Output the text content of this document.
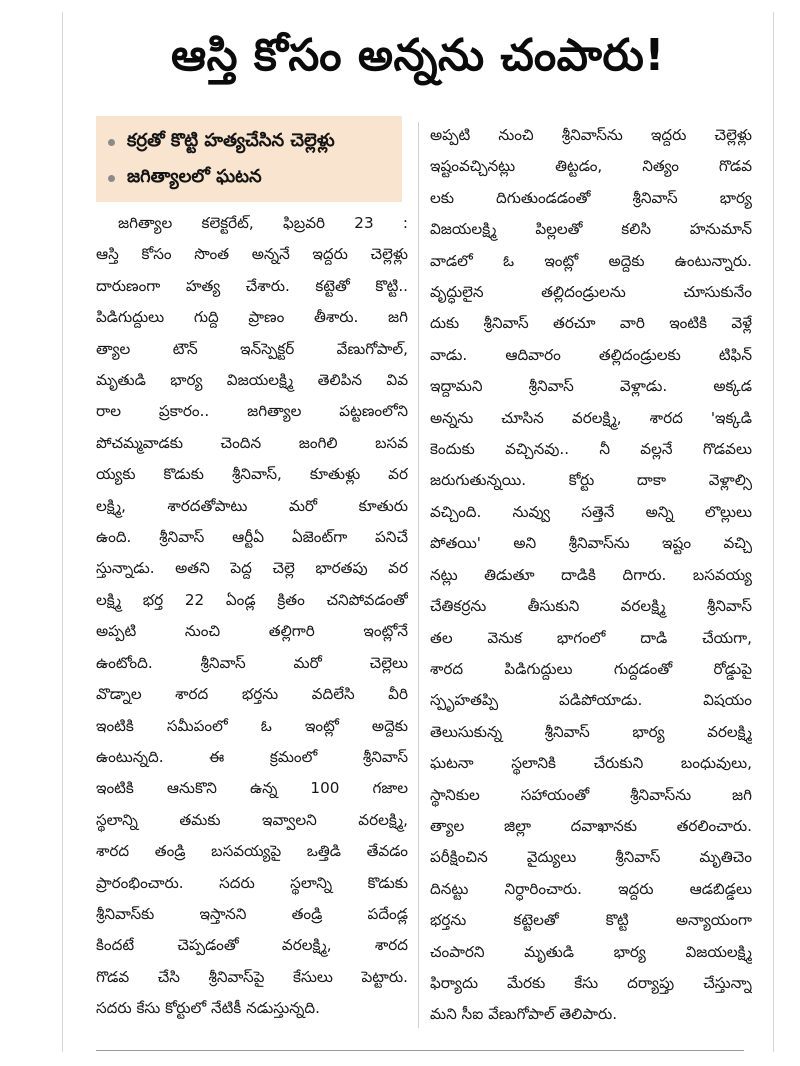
ఆస్తి కోసం అన్నను చంపారు!
కర్రతో కొట్టి హత్యచేసిన చెల్లెళ్లు
జగిత్యాలలో ఘటన
జగిత్యాల కలెక్టరేట్, ఫిబ్రవరి 23 :
ఆస్తి కోసం సొంత అన్ననే ఇద్దరు చెల్లెళ్లు
దారుణంగా హత్య చేశారు. కట్టెతో కొట్టి..
పిడిగుద్దులు గుద్ది ప్రాణం తీశారు. జగి
త్యాల టౌన్ ఇన్‌స్పెక్టర్ వేణుగోపాల్,
మృతుడి భార్య విజయలక్ష్మి తెలిపిన వివ
రాల ప్రకారం.. జగిత్యాల పట్టణంలోని
పోచమ్మవాడకు చెందిన జంగిలి బసవ
య్యకు కొడుకు శ్రీనివాస్, కూతుళ్లు వర
లక్ష్మి, శారదతోపాటు మరో కూతురు
ఉంది. శ్రీనివాస్ ఆర్టీఏ ఏజెంట్‌గా పనిచే
స్తున్నాడు. అతని పెద్ద చెల్లె భారతపు వర
లక్ష్మి భర్త 22 ఏండ్ల క్రితం చనిపోవడంతో
అప్పటి నుంచి తల్లిగారి ఇంట్లోనే
ఉంటోంది. శ్రీనివాస్ మరో చెల్లెలు
వొడ్నాల శారద భర్తను వదిలేసి వీరి
ఇంటికి సమీపంలో ఓ ఇంట్లో అద్దెకు
ఉంటున్నది. ఈ క్రమంలో శ్రీనివాస్
ఇంటికి ఆనుకొని ఉన్న 100 గజాల
స్థలాన్ని తమకు ఇవ్వాలని వరలక్ష్మి,
శారద తండ్రి బసవయ్యపై ఒత్తిడి తేవడం
ప్రారంభించారు. సదరు స్థలాన్ని కొడుకు
శ్రీనివాస్‌కు ఇస్తానని తండ్రి పదేండ్ల
కిందటే చెప్పడంతో వరలక్ష్మి, శారద
గొడవ చేసి శ్రీనివాస్‌పై కేసులు పెట్టారు.
సదరు కేసు కోర్టులో నేటికీ నడుస్తున్నది.
అప్పటి నుంచి శ్రీనివాస్‌ను ఇద్దరు చెల్లెళ్లు
ఇష్టంవచ్చినట్లు తిట్టడం, నిత్యం గొడవ
లకు దిగుతుండడంతో శ్రీనివాస్ భార్య
విజయలక్ష్మి పిల్లలతో కలిసి హనుమాన్
వాడలో ఓ ఇంట్లో అద్దెకు ఉంటున్నారు.
వృద్ధులైన తల్లిదండ్రులను చూసుకునేం
దుకు శ్రీనివాస్ తరచూ వారి ఇంటికి వెళ్లే
వాడు. ఆదివారం తల్లిదండ్రులకు టిఫిన్
ఇద్దామని శ్రీనివాస్ వెళ్లాడు. అక్కడ
అన్నను చూసిన వరలక్ష్మి, శారద 'ఇక్కడి
కెందుకు వచ్చినవు.. నీ వల్లనే గొడవలు
జరుగుతున్నయి. కోర్టు దాకా వెళ్లాల్సి
వచ్చింది. నువ్వు సత్తెనే అన్ని లొల్లులు
పోతయి' అని శ్రీనివాస్‌ను ఇష్టం వచ్చి
నట్లు తిడుతూ దాడికి దిగారు. బసవయ్య
చేతికర్రను తీసుకుని వరలక్ష్మి శ్రీనివాస్
తల వెనుక భాగంలో దాడి చేయగా,
శారద పిడిగుద్దులు గుద్దడంతో రోడ్డుపై
స్పృహతప్పి పడిపోయాడు. విషయం
తెలుసుకున్న శ్రీనివాస్ భార్య వరలక్ష్మి
ఘటనా స్థలానికి చేరుకుని బంధువులు,
స్థానికుల సహాయంతో శ్రీనివాస్‌ను జగి
త్యాల జిల్లా దవాఖానకు తరలించారు.
పరీక్షించిన వైద్యులు శ్రీనివాస్ మృతిచెం
దినట్టు నిర్ధారించారు. ఇద్దరు ఆడబిడ్డలు
భర్తను కట్టెలతో కొట్టి అన్యాయంగా
చంపారని మృతుడి భార్య విజయలక్ష్మి
ఫిర్యాదు మేరకు కేసు దర్యాప్తు చేస్తున్నా
మని సీఐ వేణుగోపాల్ తెలిపారు.
